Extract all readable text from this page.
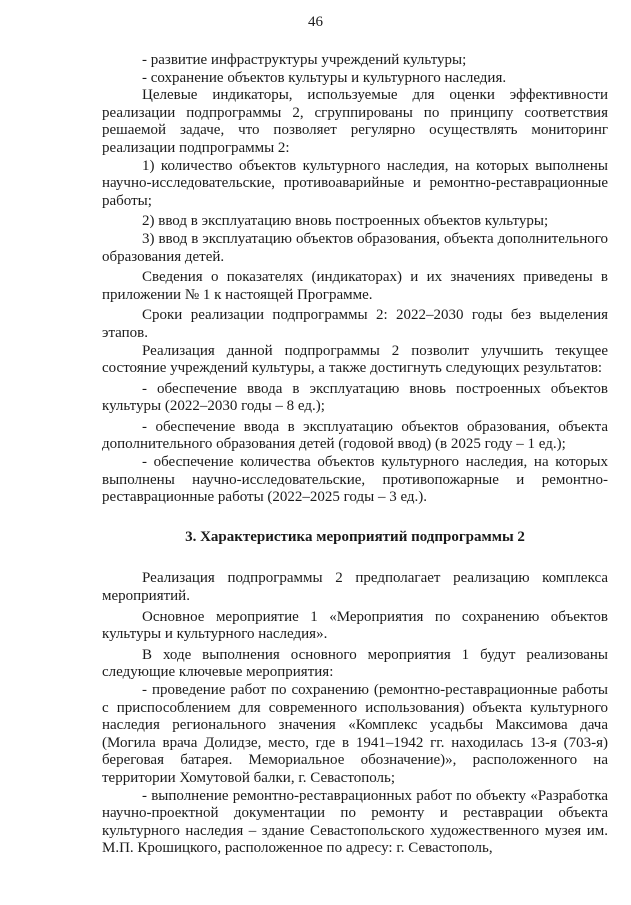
46

- развитие инфраструктуры учреждений культуры;

- сохранение объектов культуры и культурного наследия.

Целевые индикаторы, используемые для оценки эффективности реализации подпрограммы 2, сгруппированы по принципу соответствия решаемой задаче, что позволяет регулярно осуществлять мониторинг реализации подпрограммы 2:

1) количество объектов культурного наследия, на которых выполнены научно-исследовательские, противоаварийные и ремонтно-реставрационные работы;

2) ввод в эксплуатацию вновь построенных объектов культуры;

3) ввод в эксплуатацию объектов образования, объекта дополнительного образования детей.

Сведения о показателях (индикаторах) и их значениях приведены в приложении № 1 к настоящей Программе.

Сроки реализации подпрограммы 2: 2022–2030 годы без выделения этапов.

Реализация данной подпрограммы 2 позволит улучшить текущее состояние учреждений культуры, а также достигнуть следующих результатов:

- обеспечение ввода в эксплуатацию вновь построенных объектов культуры (2022–2030 годы – 8 ед.);

- обеспечение ввода в эксплуатацию объектов образования, объекта дополнительного образования детей (годовой ввод) (в 2025 году – 1 ед.);

- обеспечение количества объектов культурного наследия, на которых выполнены научно-исследовательские, противопожарные и ремонтно-реставрационные работы (2022–2025 годы – 3 ед.).

3. Характеристика мероприятий подпрограммы 2

Реализация подпрограммы 2 предполагает реализацию комплекса мероприятий.

Основное мероприятие 1 «Мероприятия по сохранению объектов культуры и культурного наследия».

В ходе выполнения основного мероприятия 1 будут реализованы следующие ключевые мероприятия:

- проведение работ по сохранению (ремонтно-реставрационные работы с приспособлением для современного использования) объекта культурного наследия регионального значения «Комплекс усадьбы Максимова дача (Могила врача Долидзе, место, где в 1941–1942 гг. находилась 13-я (703-я) береговая батарея. Мемориальное обозначение)», расположенного на территории Хомутовой балки, г. Севастополь;

- выполнение ремонтно-реставрационных работ по объекту «Разработка научно-проектной документации по ремонту и реставрации объекта культурного наследия – здание Севастопольского художественного музея им. М.П. Крошицкого, расположенное по адресу: г. Севастополь,
